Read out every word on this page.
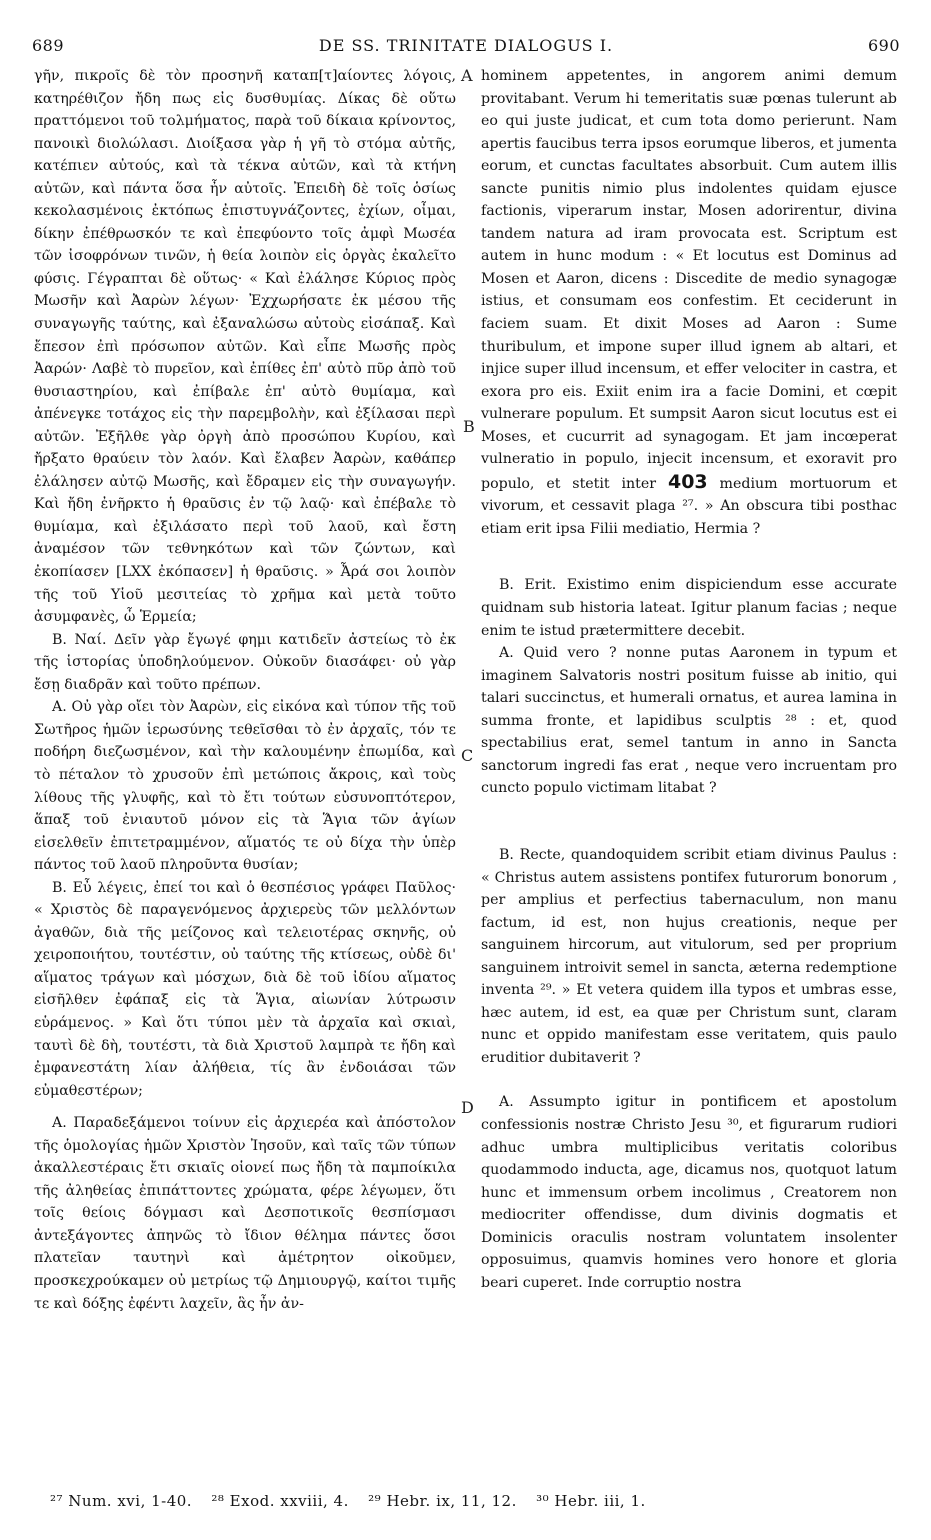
689	DE SS. TRINITATE DIALOGUS I.	690
A
B
C
D

γῆν, πικροῖς δὲ τὸν προσηνῆ καταπ[τ]αίοντες λόγοις, κατηρέθιζον ἤδη πως εἰς δυσθυμίας. Δίκας δὲ οὕτω πραττόμενοι τοῦ τολμήματος, παρὰ τοῦ δίκαια κρίνοντος, πανοικὶ διολώλασι. Διοίξασα γὰρ ἡ γῆ τὸ στόμα αὐτῆς, κατέπιεν αὐτούς, καὶ τὰ τέκνα αὐτῶν, καὶ τὰ κτήνη αὐτῶν, καὶ πάντα ὅσα ἦν αὐτοῖς. Ἐπειδὴ δὲ τοῖς ὁσίως κεκολασμένοις ἐκτόπως ἐπιστυγνάζοντες, ἐχίων, οἶμαι, δίκην ἐπέθρωσκόν τε καὶ ἐπεφύοντο τοῖς ἀμφὶ Μωσέα τῶν ἰσοφρόνων τινῶν, ἡ θεία λοιπὸν εἰς ὀργὰς ἐκαλεῖτο φύσις. Γέγραπται δὲ οὕτως· « Καὶ ἐλάλησε Κύριος πρὸς Μωσῆν καὶ Ἀαρὼν λέγων· Ἐχχωρήσατε ἐκ μέσου τῆς συναγωγῆς ταύτης, καὶ ἐξαναλώσω αὐτοὺς εἰσάπαξ. Καὶ ἔπεσον ἐπὶ πρόσωπον αὐτῶν. Καὶ εἶπε Μωσῆς πρὸς Ἀαρών· Λαβὲ τὸ πυρεῖον, καὶ ἐπίθες ἐπ' αὐτὸ πῦρ ἀπὸ τοῦ θυσιαστηρίου, καὶ ἐπίβαλε ἐπ' αὐτὸ θυμίαμα, καὶ ἀπένεγκε τοτάχος εἰς τὴν παρεμβολὴν, καὶ ἐξίλασαι περὶ αὐτῶν. Ἐξῆλθε γὰρ ὀργὴ ἀπὸ προσώπου Κυρίου, καὶ ἤρξατο θραύειν τὸν λαόν. Καὶ ἔλαβεν Ἀαρὼν, καθάπερ ἐλάλησεν αὐτῷ Μωσῆς, καὶ ἔδραμεν εἰς τὴν συναγωγήν. Καὶ ἤδη ἐνῆρκτο ἡ θραῦσις ἐν τῷ λαῷ· καὶ ἐπέβαλε τὸ θυμίαμα, καὶ ἐξιλάσατο περὶ τοῦ λαοῦ, καὶ ἔστη ἀναμέσον τῶν τεθνηκότων καὶ τῶν ζώντων, καὶ ἐκοπίασεν [LXX ἐκόπασεν] ἡ θραῦσις. » Ἆρά σοι λοιπὸν τῆς τοῦ Υἱοῦ μεσιτείας τὸ χρῆμα καὶ μετὰ τοῦτο ἀσυμφανὲς, ὦ Ἑρμεία;

Β. Ναί. Δεῖν γὰρ ἔγωγέ φημι κατιδεῖν ἀστείως τὸ ἐκ τῆς ἱστορίας ὑποδηλούμενον. Οὐκοῦν διασάφει· οὐ γὰρ ἔσῃ διαδρᾶν καὶ τοῦτο πρέπων.

Α. Οὐ γὰρ οἴει τὸν Ἀαρὼν, εἰς εἰκόνα καὶ τύπον τῆς τοῦ Σωτῆρος ἡμῶν ἱερωσύνης τεθεῖσθαι τὸ ἐν ἀρχαῖς, τόν τε ποδήρη διεζωσμένον, καὶ τὴν καλουμένην ἐπωμίδα, καὶ τὸ πέταλον τὸ χρυσοῦν ἐπὶ μετώποις ἄκροις, καὶ τοὺς λίθους τῆς γλυφῆς, καὶ τὸ ἔτι τούτων εὐσυνοπτότερον, ἅπαξ τοῦ ἐνιαυτοῦ μόνον εἰς τὰ Ἅγια τῶν ἁγίων εἰσελθεῖν ἐπιτετραμμένον, αἵματός τε οὐ δίχα τὴν ὑπὲρ πάντος τοῦ λαοῦ πληροῦντα θυσίαν;

Β. Εὖ λέγεις, ἐπεί τοι καὶ ὁ θεσπέσιος γράφει Παῦλος· « Χριστὸς δὲ παραγενόμενος ἀρχιερεὺς τῶν μελλόντων ἀγαθῶν, διὰ τῆς μείζονος καὶ τελειοτέρας σκηνῆς, οὐ χειροποιήτου, τουτέστιν, οὐ ταύτης τῆς κτίσεως, οὐδὲ δι' αἵματος τράγων καὶ μόσχων, διὰ δὲ τοῦ ἰδίου αἵματος εἰσῆλθεν ἐφάπαξ εἰς τὰ Ἅγια, αἰωνίαν λύτρωσιν εὑράμενος. » Καὶ ὅτι τύποι μὲν τὰ ἀρχαῖα καὶ σκιαὶ, ταυτὶ δὲ δὴ, τουτέστι, τὰ διὰ Χριστοῦ λαμπρὰ τε ἤδη καὶ ἐμφανεστάτη λίαν ἀλήθεια, τίς ἂν ἐνδοιάσαι τῶν εὐμαθεστέρων;

Α. Παραδεξάμενοι τοίνυν εἰς ἀρχιερέα καὶ ἀπόστολον τῆς ὁμολογίας ἡμῶν Χριστὸν Ἰησοῦν, καὶ ταῖς τῶν τύπων ἀκαλλεστέραις ἔτι σκιαῖς οἱονεί πως ἤδη τὰ παμποίκιλα τῆς ἀληθείας ἐπιπάττοντες χρώματα, φέρε λέγωμεν, ὅτι τοῖς θείοις δόγμασι καὶ Δεσποτικοῖς θεσπίσμασι ἀντεξάγοντες ἀπηνῶς τὸ ἴδιον θέλημα πάντες ὅσοι πλατεῖαν ταυτηνὶ καὶ ἀμέτρητον οἰκοῦμεν, προσκεχρούκαμεν οὐ μετρίως τῷ Δημιουργῷ, καίτοι τιμῆς τε καὶ δόξης ἐφέντι λαχεῖν, ἃς ἦν ἀν-

hominem appetentes, in angorem animi demum provitabant. Verum hi temeritatis suæ pœnas tulerunt ab eo qui juste judicat, et cum tota domo perierunt. Nam apertis faucibus terra ipsos eorumque liberos, et jumenta eorum, et cunctas facultates absorbuit. Cum autem illis sancte punitis nimio plus indolentes quidam ejusce factionis, viperarum instar, Mosen adorirentur, divina tandem natura ad iram provocata est. Scriptum est autem in hunc modum : « Et locutus est Dominus ad Mosen et Aaron, dicens : Discedite de medio synagogæ istius, et consumam eos confestim. Et ceciderunt in faciem suam. Et dixit Moses ad Aaron : Sume thuribulum, et impone super illud ignem ab altari, et injice super illud incensum, et effer velociter in castra, et exora pro eis. Exiit enim ira a facie Domini, et cœpit vulnerare populum. Et sumpsit Aaron sicut locutus est ei Moses, et cucurrit ad synagogam. Et jam incœperat vulneratio in populo, injecit incensum, et exoravit pro populo, et stetit inter 403 medium mortuorum et vivorum, et cessavit plaga ²⁷. » An obscura tibi posthac etiam erit ipsa Filii mediatio, Hermia ?

B. Erit. Existimo enim dispiciendum esse accurate quidnam sub historia lateat. Igitur planum facias ; neque enim te istud prætermittere decebit.

A. Quid vero ? nonne putas Aaronem in typum et imaginem Salvatoris nostri positum fuisse ab initio, qui talari succinctus, et humerali ornatus, et aurea lamina in summa fronte, et lapidibus sculptis ²⁸ : et, quod spectabilius erat, semel tantum in anno in Sancta sanctorum ingredi fas erat , neque vero incruentam pro cuncto populo victimam litabat ?

B. Recte, quandoquidem scribit etiam divinus Paulus : « Christus autem assistens pontifex futurorum bonorum , per amplius et perfectius tabernaculum, non manu factum, id est, non hujus creationis, neque per sanguinem hircorum, aut vitulorum, sed per proprium sanguinem introivit semel in sancta, æterna redemptione inventa ²⁹. » Et vetera quidem illa typos et umbras esse, hæc autem, id est, ea quæ per Christum sunt, claram nunc et oppido manifestam esse veritatem, quis paulo eruditior dubitaverit ?

A. Assumpto igitur in pontificem et apostolum confessionis nostræ Christo Jesu ³⁰, et figurarum rudiori adhuc umbra multiplicibus veritatis coloribus quodammodo inducta, age, dicamus nos, quotquot latum hunc et immensum orbem incolimus , Creatorem non mediocriter offendisse, dum divinis dogmatis et Dominicis oraculis nostram voluntatem insolenter opposuimus, quamvis homines vero honore et gloria beari cuperet. Inde corruptio nostra

²⁷ Num. xvi, 1-40. ²⁸ Exod. xxviii, 4. ²⁹ Hebr. ix, 11, 12. ³⁰ Hebr. iii, 1.
